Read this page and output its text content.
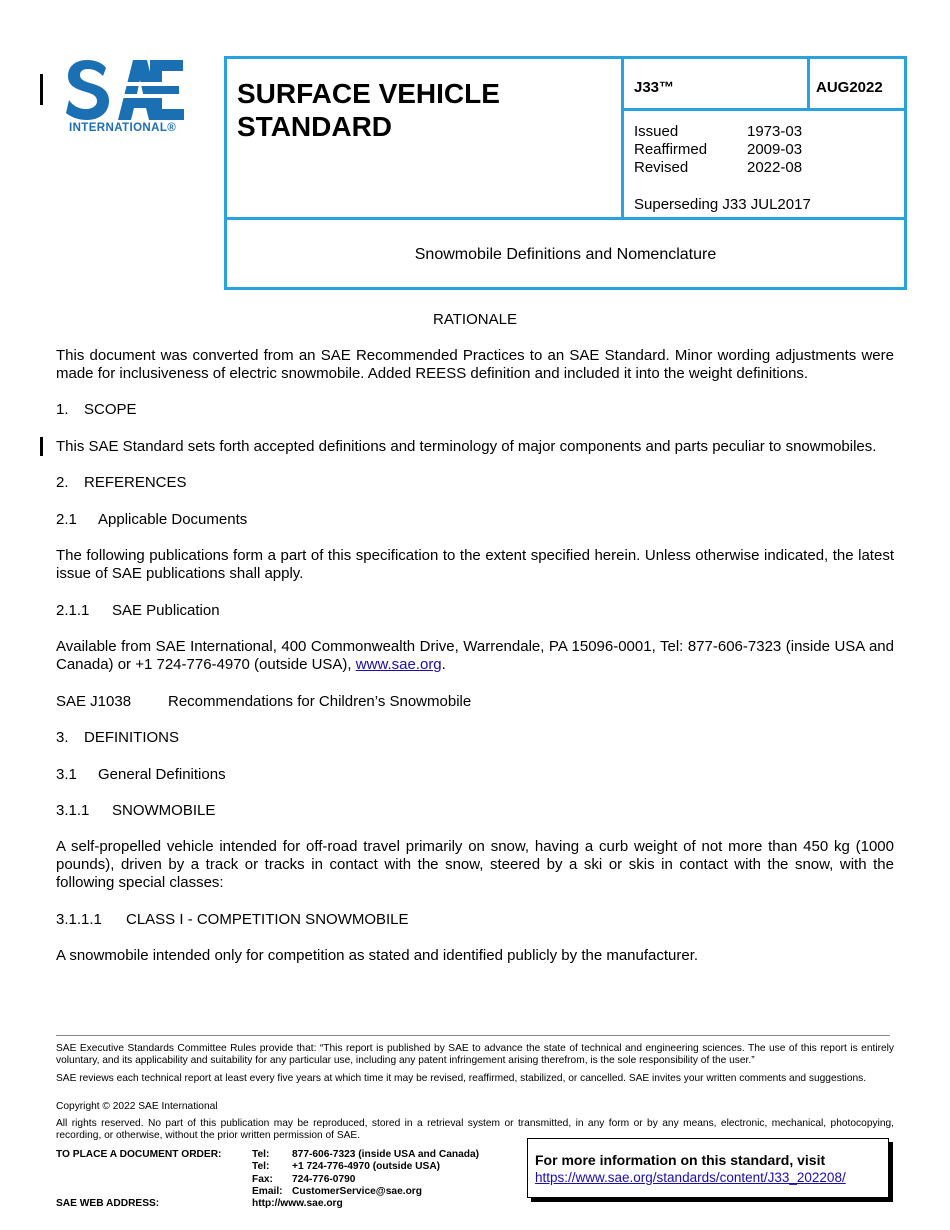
INTERNATIONAL®
SURFACE VEHICLE
STANDARD
J33™	AUG2022
Issued	1973-03
Reaffirmed	2009-03
Revised	2022-08
Superseding J33 JUL2017
Snowmobile Definitions and Nomenclature
RATIONALE
This document was converted from an SAE Recommended Practices to an SAE Standard. Minor wording adjustments were made for inclusiveness of electric snowmobile. Added REESS definition and included it into the weight definitions.
1. SCOPE
This SAE Standard sets forth accepted definitions and terminology of major components and parts peculiar to snowmobiles.
2. REFERENCES
2.1 Applicable Documents
The following publications form a part of this specification to the extent specified herein. Unless otherwise indicated, the latest issue of SAE publications shall apply.
2.1.1 SAE Publication
Available from SAE International, 400 Commonwealth Drive, Warrendale, PA 15096-0001, Tel: 877-606-7323 (inside USA and Canada) or +1 724-776-4970 (outside USA), www.sae.org.
SAE J1038 Recommendations for Children’s Snowmobile
3. DEFINITIONS
3.1 General Definitions
3.1.1 SNOWMOBILE
A self-propelled vehicle intended for off-road travel primarily on snow, having a curb weight of not more than 450 kg (1000 pounds), driven by a track or tracks in contact with the snow, steered by a ski or skis in contact with the snow, with the following special classes:
3.1.1.1 CLASS I - COMPETITION SNOWMOBILE
A snowmobile intended only for competition as stated and identified publicly by the manufacturer.
SAE Executive Standards Committee Rules provide that: “This report is published by SAE to advance the state of technical and engineering sciences. The use of this report is entirely voluntary, and its applicability and suitability for any particular use, including any patent infringement arising therefrom, is the sole responsibility of the user.”
SAE reviews each technical report at least every five years at which time it may be revised, reaffirmed, stabilized, or cancelled. SAE invites your written comments and suggestions.
Copyright © 2022 SAE International
All rights reserved. No part of this publication may be reproduced, stored in a retrieval system or transmitted, in any form or by any means, electronic, mechanical, photocopying, recording, or otherwise, without the prior written permission of SAE.
TO PLACE A DOCUMENT ORDER:	Tel: 877-606-7323 (inside USA and Canada)
Tel: +1 724-776-4970 (outside USA)
Fax: 724-776-0790
Email: CustomerService@sae.org
SAE WEB ADDRESS:	http://www.sae.org
For more information on this standard, visit
https://www.sae.org/standards/content/J33_202208/
